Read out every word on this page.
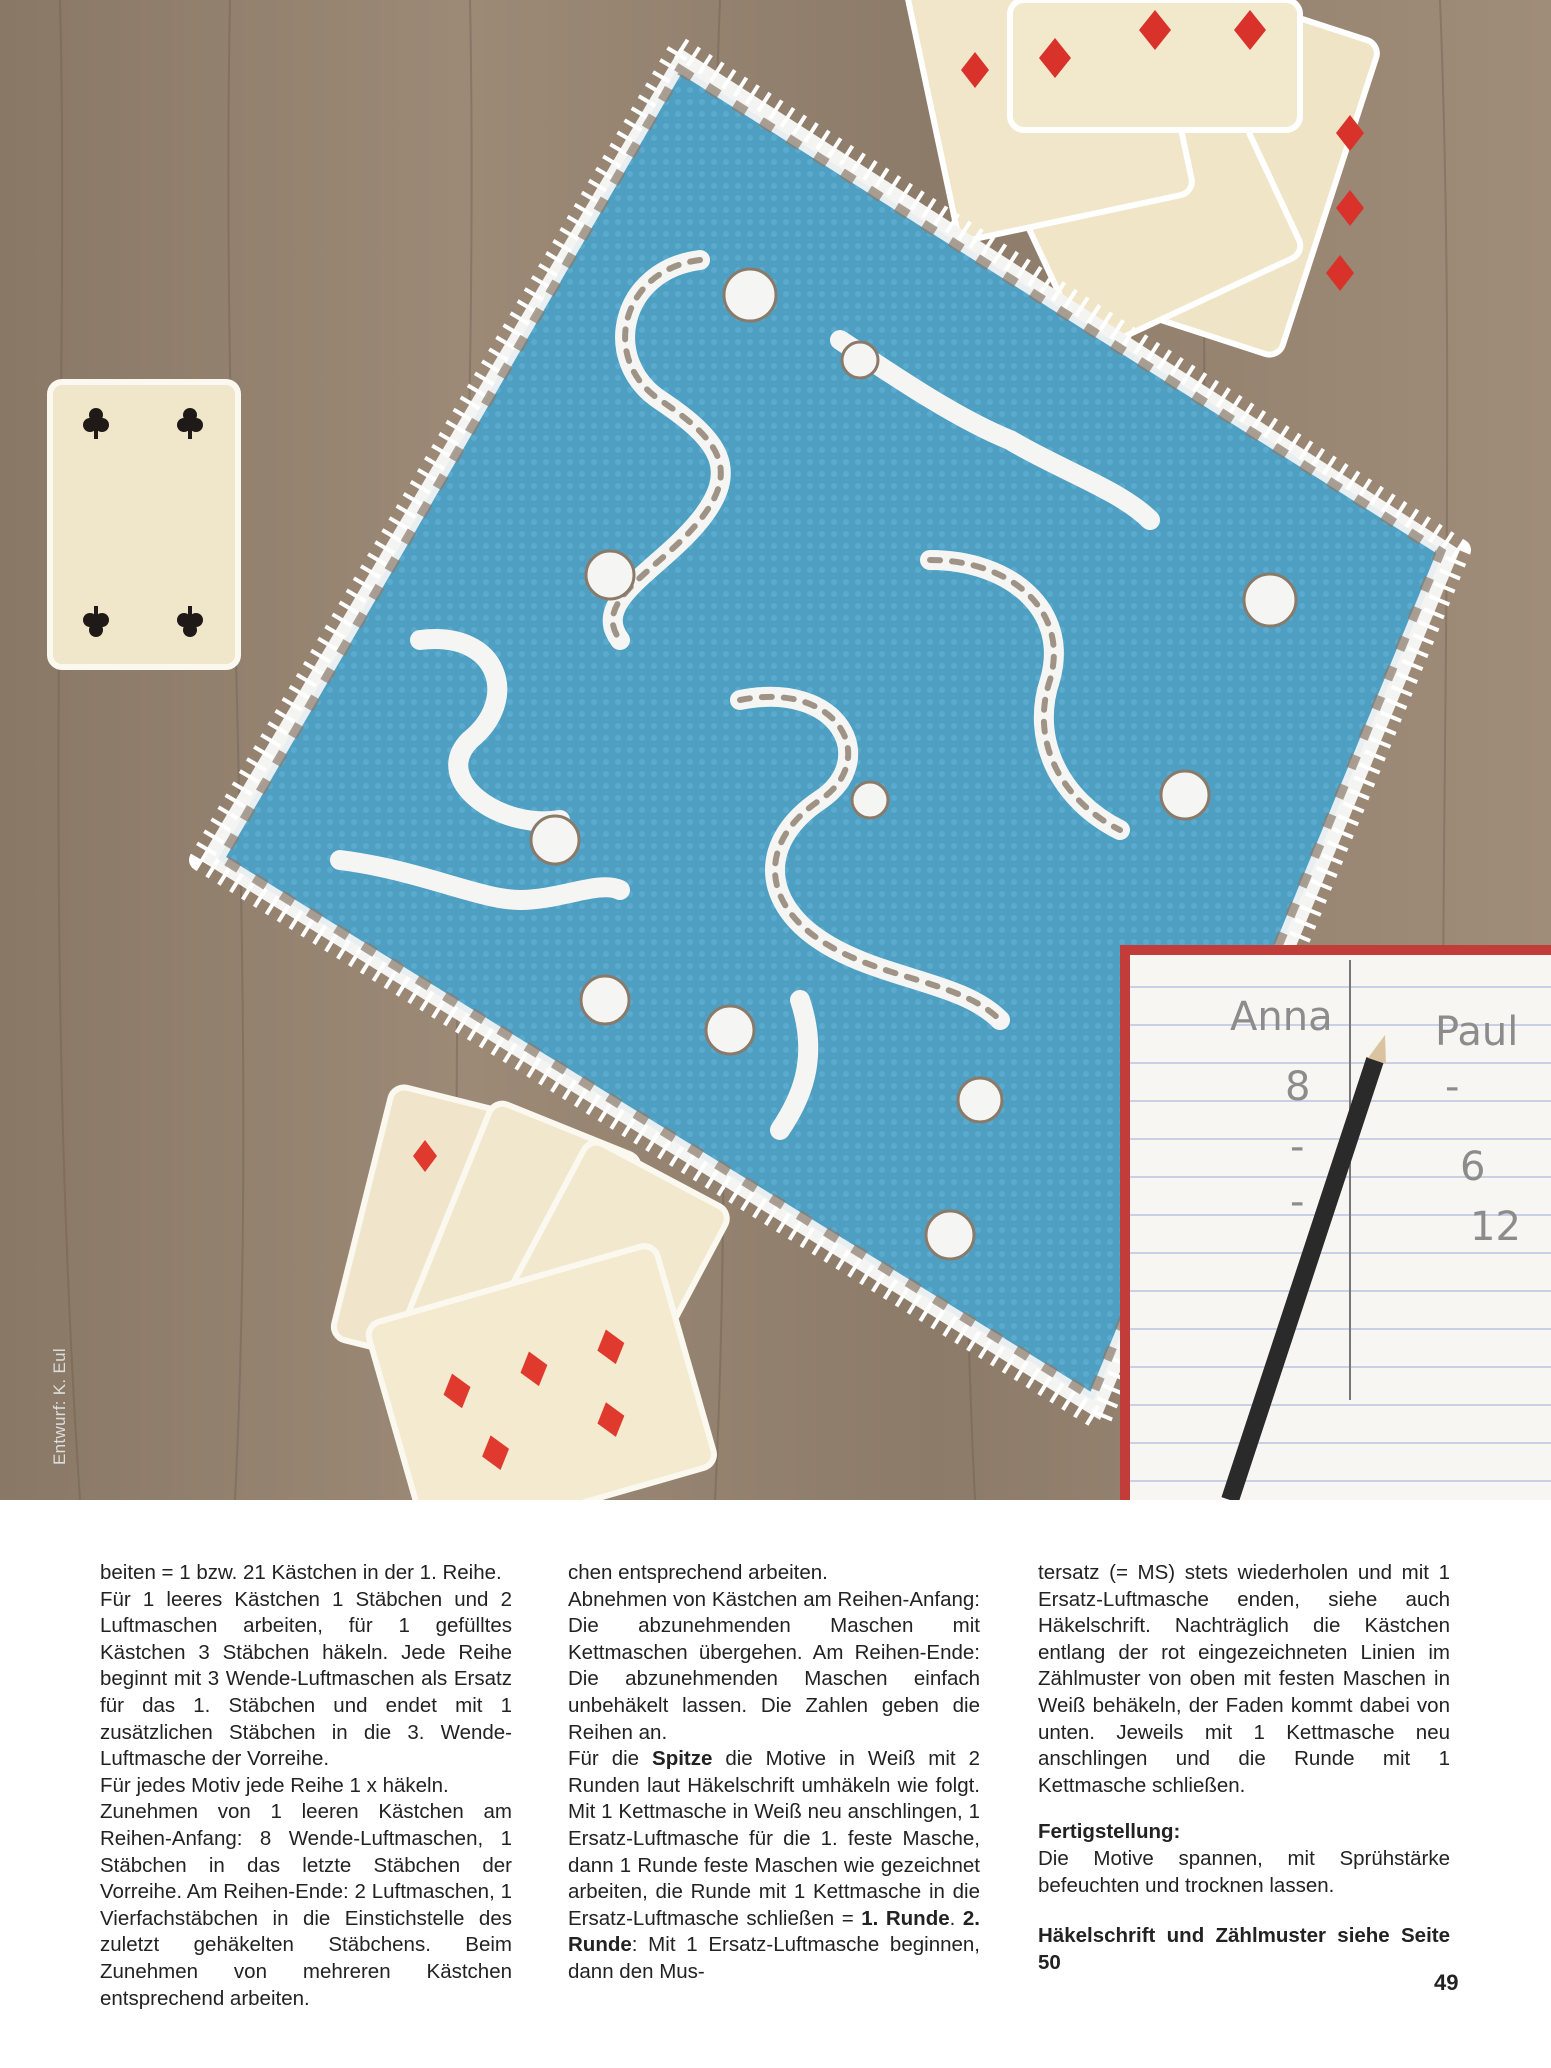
Anna	Paul
8
-
-
-
6
12
Entwurf: K. Eul

beiten = 1 bzw. 21 Kästchen in der 1. Reihe.

Für 1 leeres Kästchen 1 Stäbchen und 2 Luftmaschen arbeiten, für 1 gefülltes Kästchen 3 Stäbchen häkeln. Jede Reihe beginnt mit 3 Wende-Luftmaschen als Ersatz für das 1. Stäbchen und endet mit 1 zusätzlichen Stäbchen in die 3. Wende-Luftmasche der Vorreihe.

Für jedes Motiv jede Reihe 1 x häkeln.

Zunehmen von 1 leeren Kästchen am Reihen-Anfang: 8 Wende-Luftmaschen, 1 Stäbchen in das letzte Stäbchen der Vorreihe. Am Reihen-Ende: 2 Luftmaschen, 1 Vierfachstäbchen in die Einstichstelle des zuletzt gehäkelten Stäbchens. Beim Zunehmen von mehreren Kästchen entsprechend arbeiten.

chen entsprechend arbeiten.

Abnehmen von Kästchen am Reihen-Anfang: Die abzunehmenden Maschen mit Kettmaschen übergehen. Am Reihen-Ende: Die abzunehmenden Maschen einfach unbehäkelt lassen. Die Zahlen geben die Reihen an.

Für die Spitze die Motive in Weiß mit 2 Runden laut Häkelschrift umhäkeln wie folgt. Mit 1 Kettmasche in Weiß neu anschlingen, 1 Ersatz-Luftmasche für die 1. feste Masche, dann 1 Runde feste Maschen wie gezeichnet arbeiten, die Runde mit 1 Kettmasche in die Ersatz-Luftmasche schließen = 1. Runde. 2. Runde: Mit 1 Ersatz-Luftmasche beginnen, dann den Mus-

tersatz (= MS) stets wiederholen und mit 1 Ersatz-Luftmasche enden, siehe auch Häkelschrift. Nachträglich die Kästchen entlang der rot eingezeichneten Linien im Zählmuster von oben mit festen Maschen in Weiß behäkeln, der Faden kommt dabei von unten. Jeweils mit 1 Kettmasche neu anschlingen und die Runde mit 1 Kettmasche schließen.

Fertigstellung:

Die Motive spannen, mit Sprühstärke befeuchten und trocknen lassen.

Häkelschrift und Zählmuster siehe Seite 50

49
